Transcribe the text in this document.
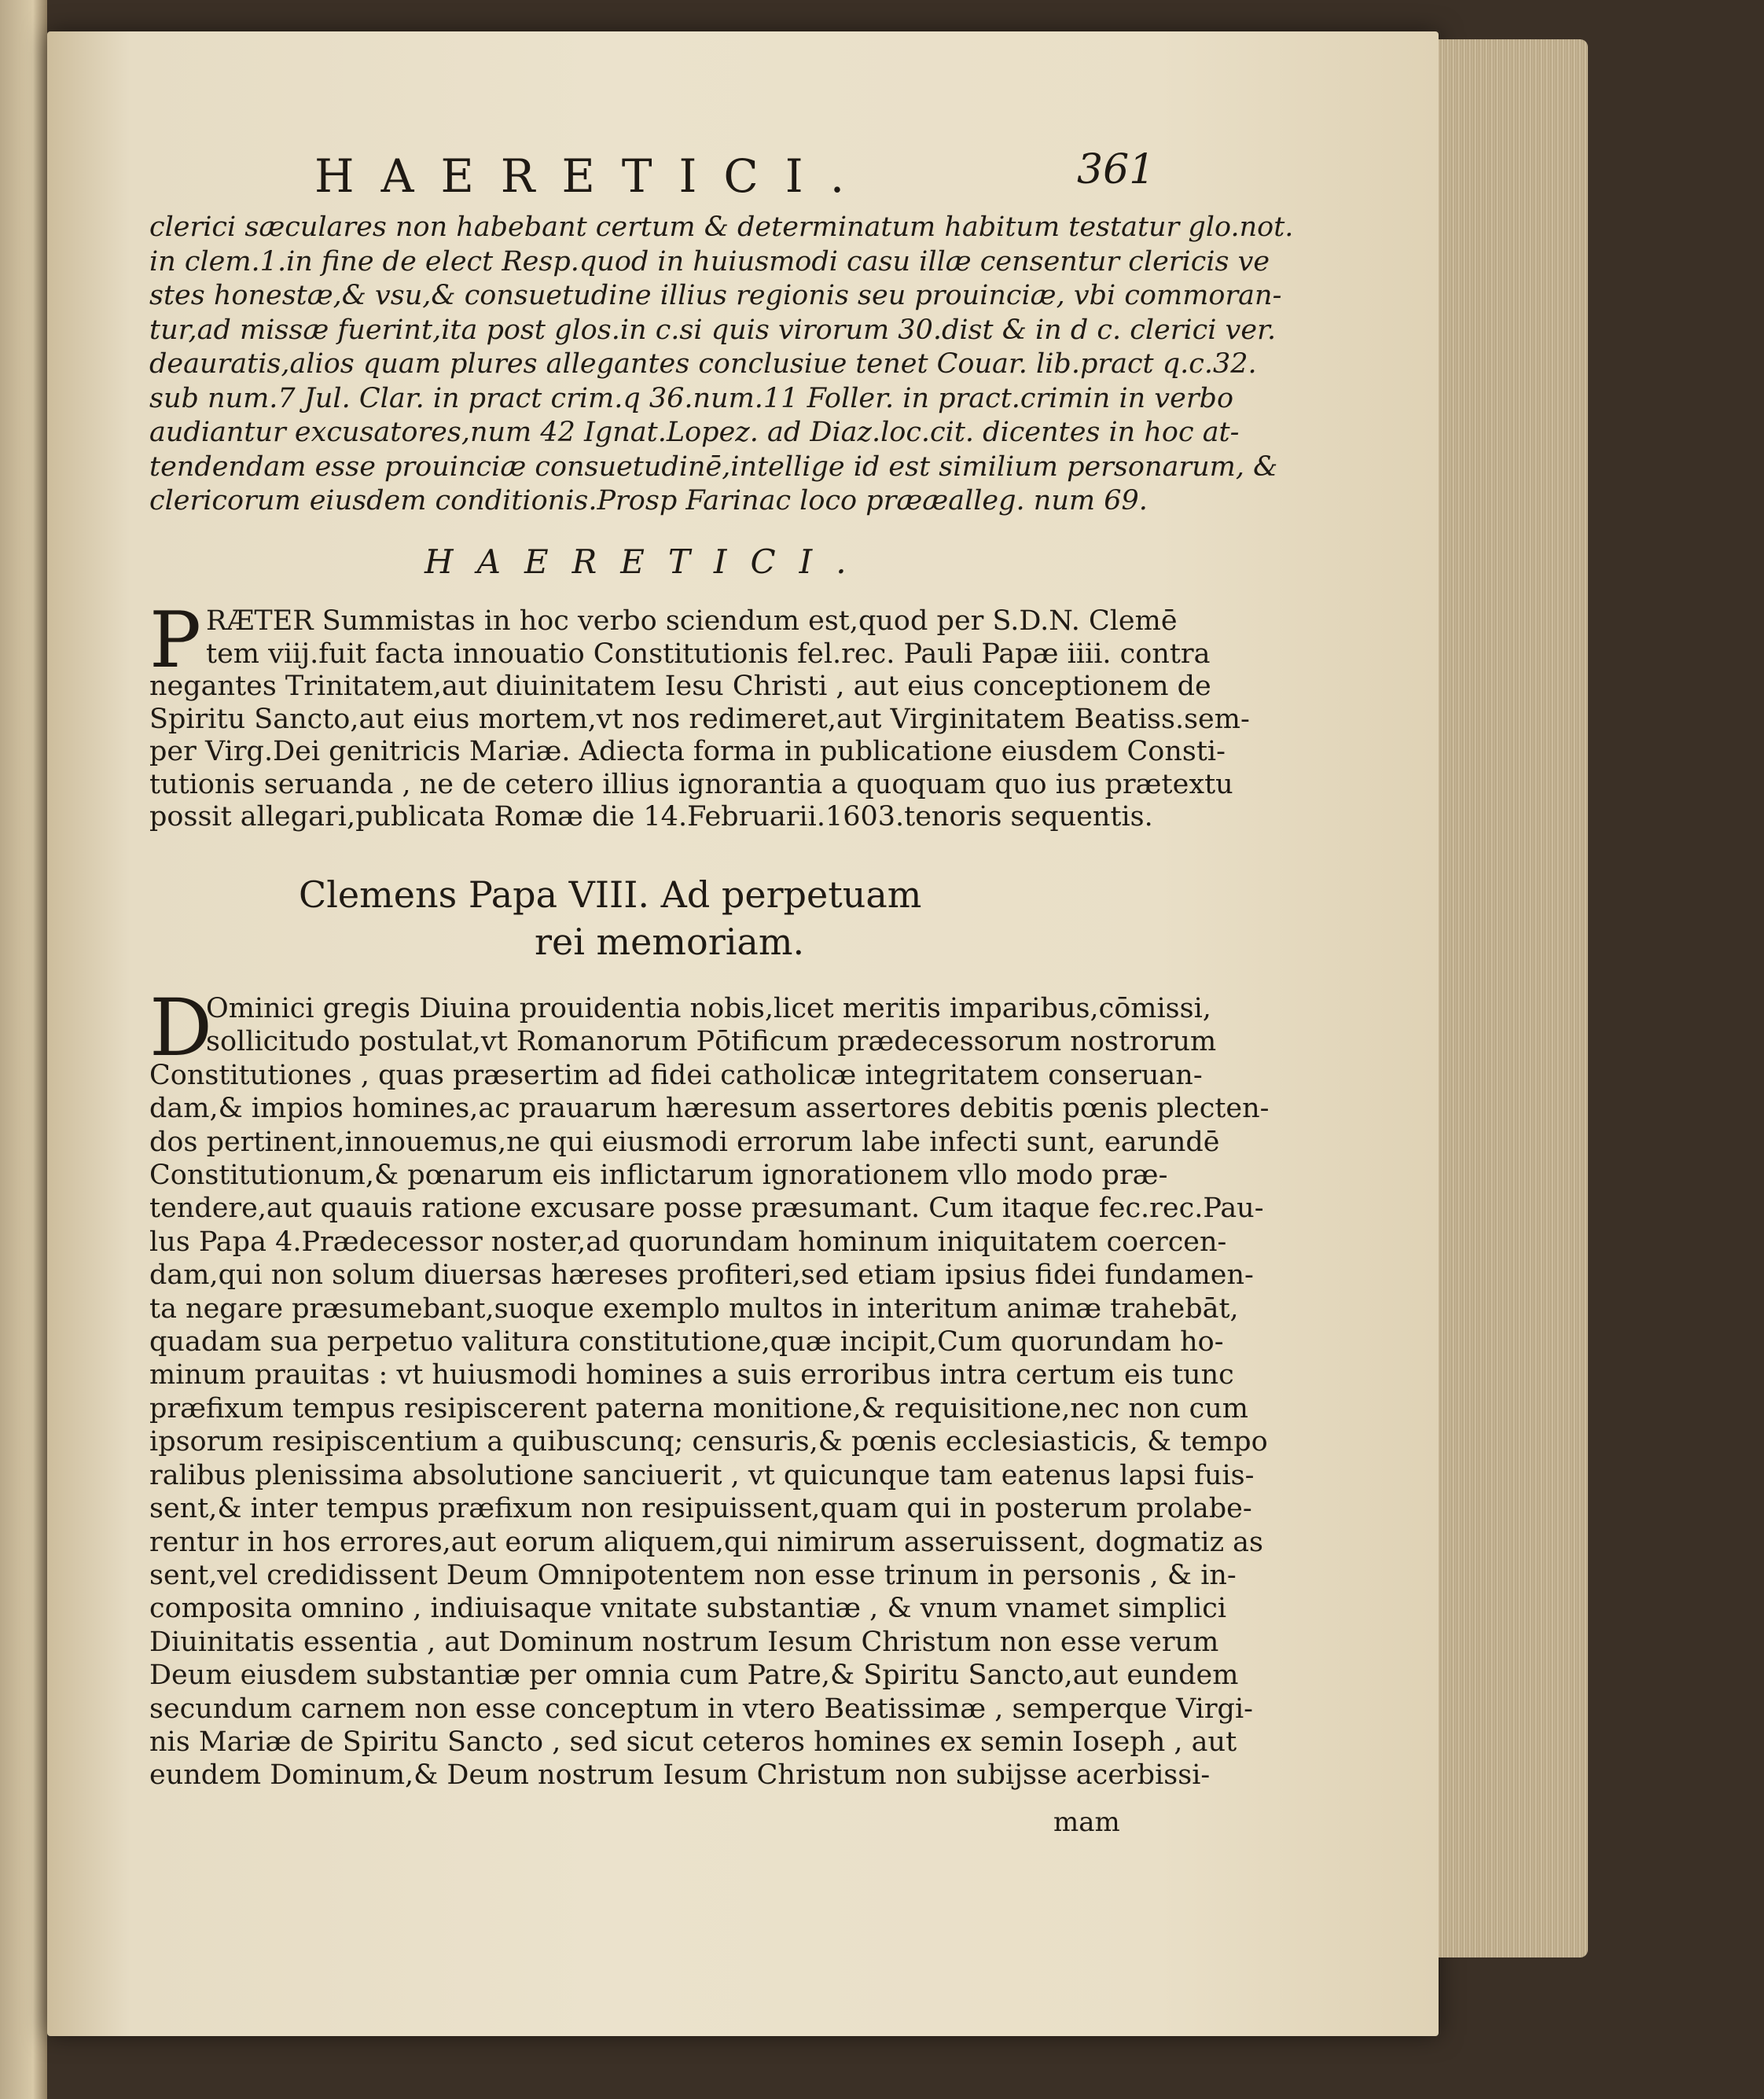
HAERETICI.	361
clerici sæculares non habebant certum & determinatum habitum testatur glo.not.
in clem.1.in fine de elect Resp.quod in huiusmodi casu illæ censentur clericis ve
stes honestæ,& vsu,& consuetudine illius regionis seu prouinciæ, vbi commoran-
tur,ad missæ fuerint,ita post glos.in c.si quis virorum 30.dist & in d c. clerici ver.
deauratis,alios quam plures allegantes conclusiue tenet Couar. lib.pract q.c.32.
sub num.7 Jul. Clar. in pract crim.q 36.num.11 Foller. in pract.crimin in verbo
audiantur excusatores,num 42 Ignat.Lopez. ad Diaz.loc.cit. dicentes in hoc at-
tendendam esse prouinciæ consuetudinē,intellige id est similium personarum, &
clericorum eiusdem conditionis.Prosp Farinac loco prææalleg. num 69.
HAERETICI.
P RÆTER Summistas in hoc verbo sciendum est,quod per S.D.N. Clemē
tem viij.fuit facta innouatio Constitutionis fel.rec. Pauli Papæ iiii. contra
negantes Trinitatem,aut diuinitatem Iesu Christi , aut eius conceptionem de
Spiritu Sancto,aut eius mortem,vt nos redimeret,aut Virginitatem Beatiss.sem-
per Virg.Dei genitricis Mariæ. Adiecta forma in publicatione eiusdem Consti-
tutionis seruanda , ne de cetero illius ignorantia a quoquam quo ius prætextu
possit allegari,publicata Romæ die 14.Februarii.1603.tenoris sequentis.
Clemens Papa VIII. Ad perpetuam
rei memoriam.
D
Ominici gregis Diuina prouidentia nobis,licet meritis imparibus,cōmissi,
sollicitudo postulat,vt Romanorum Pōtificum prædecessorum nostrorum
Constitutiones , quas præsertim ad fidei catholicæ integritatem conseruan-
dam,& impios homines,ac prauarum hæresum assertores debitis pœnis plecten-
dos pertinent,innouemus,ne qui eiusmodi errorum labe infecti sunt, earundē
Constitutionum,& pœnarum eis inflictarum ignorationem vllo modo præ-
tendere,aut quauis ratione excusare posse præsumant. Cum itaque fec.rec.Pau-
lus Papa 4.Prædecessor noster,ad quorundam hominum iniquitatem coercen-
dam,qui non solum diuersas hæreses profiteri,sed etiam ipsius fidei fundamen-
ta negare præsumebant,suoque exemplo multos in interitum animæ trahebāt,
quadam sua perpetuo valitura constitutione,quæ incipit,Cum quorundam ho-
minum prauitas : vt huiusmodi homines a suis erroribus intra certum eis tunc
præfixum tempus resipiscerent paterna monitione,& requisitione,nec non cum
ipsorum resipiscentium a quibuscunq; censuris,& pœnis ecclesiasticis, & tempo
ralibus plenissima absolutione sanciuerit , vt quicunque tam eatenus lapsi fuis-
sent,& inter tempus præfixum non resipuissent,quam qui in posterum prolabe-
rentur in hos errores,aut eorum aliquem,qui nimirum asseruissent, dogmatiz as
sent,vel credidissent Deum Omnipotentem non esse trinum in personis , & in-
composita omnino , indiuisaque vnitate substantiæ , & vnum vnamet simplici
Diuinitatis essentia , aut Dominum nostrum Iesum Christum non esse verum
Deum eiusdem substantiæ per omnia cum Patre,& Spiritu Sancto,aut eundem
secundum carnem non esse conceptum in vtero Beatissimæ , semperque Virgi-
nis Mariæ de Spiritu Sancto , sed sicut ceteros homines ex semin Ioseph , aut
eundem Dominum,& Deum nostrum Iesum Christum non subijsse acerbissi-
mam
